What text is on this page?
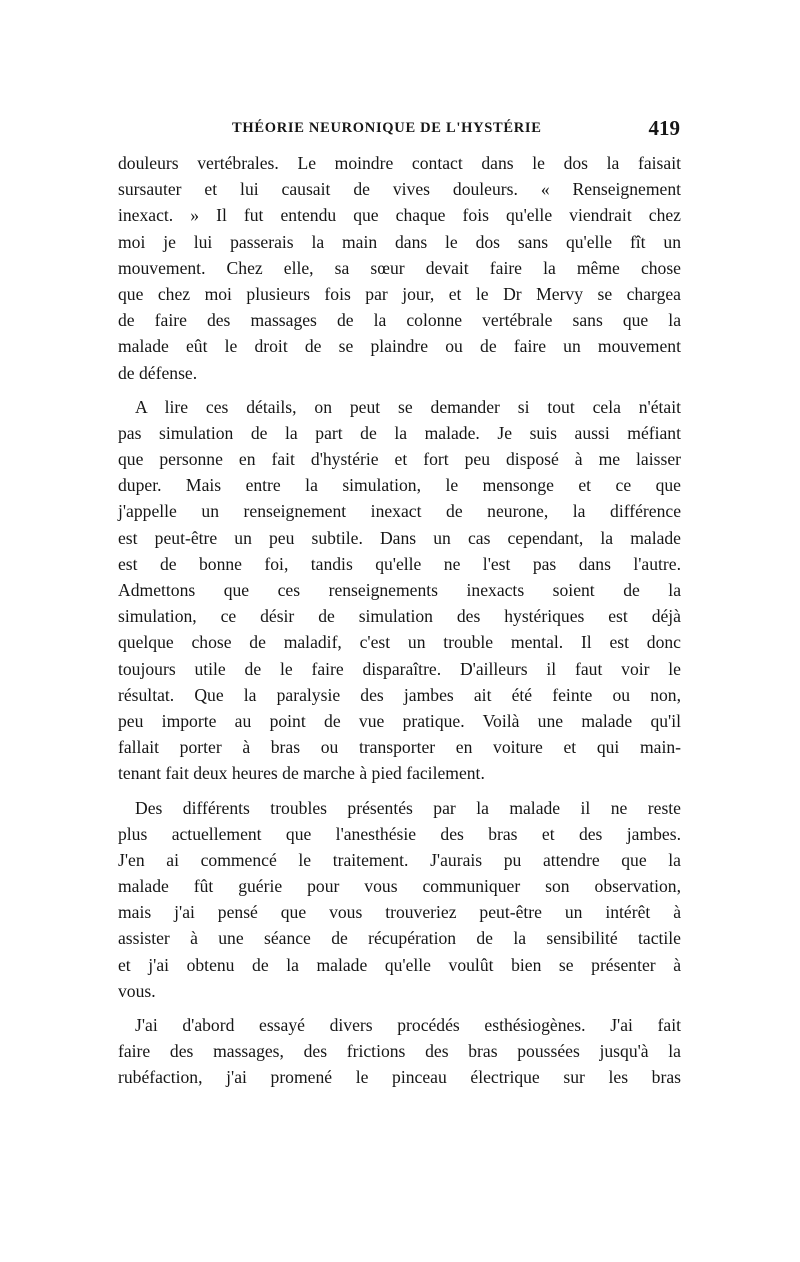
THÉORIE NEURONIQUE DE L'HYSTÉRIE	419
douleurs vertébrales. Le moindre contact dans le dos la faisait
sursauter et lui causait de vives douleurs. « Renseignement
inexact. » Il fut entendu que chaque fois qu'elle viendrait chez
moi je lui passerais la main dans le dos sans qu'elle fît un
mouvement. Chez elle, sa sœur devait faire la même chose
que chez moi plusieurs fois par jour, et le Dr Mervy se chargea
de faire des massages de la colonne vertébrale sans que la
malade eût le droit de se plaindre ou de faire un mouvement
de défense.
A lire ces détails, on peut se demander si tout cela n'était
pas simulation de la part de la malade. Je suis aussi méfiant
que personne en fait d'hystérie et fort peu disposé à me laisser
duper. Mais entre la simulation, le mensonge et ce que
j'appelle un renseignement inexact de neurone, la différence
est peut-être un peu subtile. Dans un cas cependant, la malade
est de bonne foi, tandis qu'elle ne l'est pas dans l'autre.
Admettons que ces renseignements inexacts soient de la
simulation, ce désir de simulation des hystériques est déjà
quelque chose de maladif, c'est un trouble mental. Il est donc
toujours utile de le faire disparaître. D'ailleurs il faut voir le
résultat. Que la paralysie des jambes ait été feinte ou non,
peu importe au point de vue pratique. Voilà une malade qu'il
fallait porter à bras ou transporter en voiture et qui main-
tenant fait deux heures de marche à pied facilement.
Des différents troubles présentés par la malade il ne reste
plus actuellement que l'anesthésie des bras et des jambes.
J'en ai commencé le traitement. J'aurais pu attendre que la
malade fût guérie pour vous communiquer son observation,
mais j'ai pensé que vous trouveriez peut-être un intérêt à
assister à une séance de récupération de la sensibilité tactile
et j'ai obtenu de la malade qu'elle voulût bien se présenter à
vous.
J'ai d'abord essayé divers procédés esthésiogènes. J'ai fait
faire des massages, des frictions des bras poussées jusqu'à la
rubéfaction, j'ai promené le pinceau électrique sur les bras
